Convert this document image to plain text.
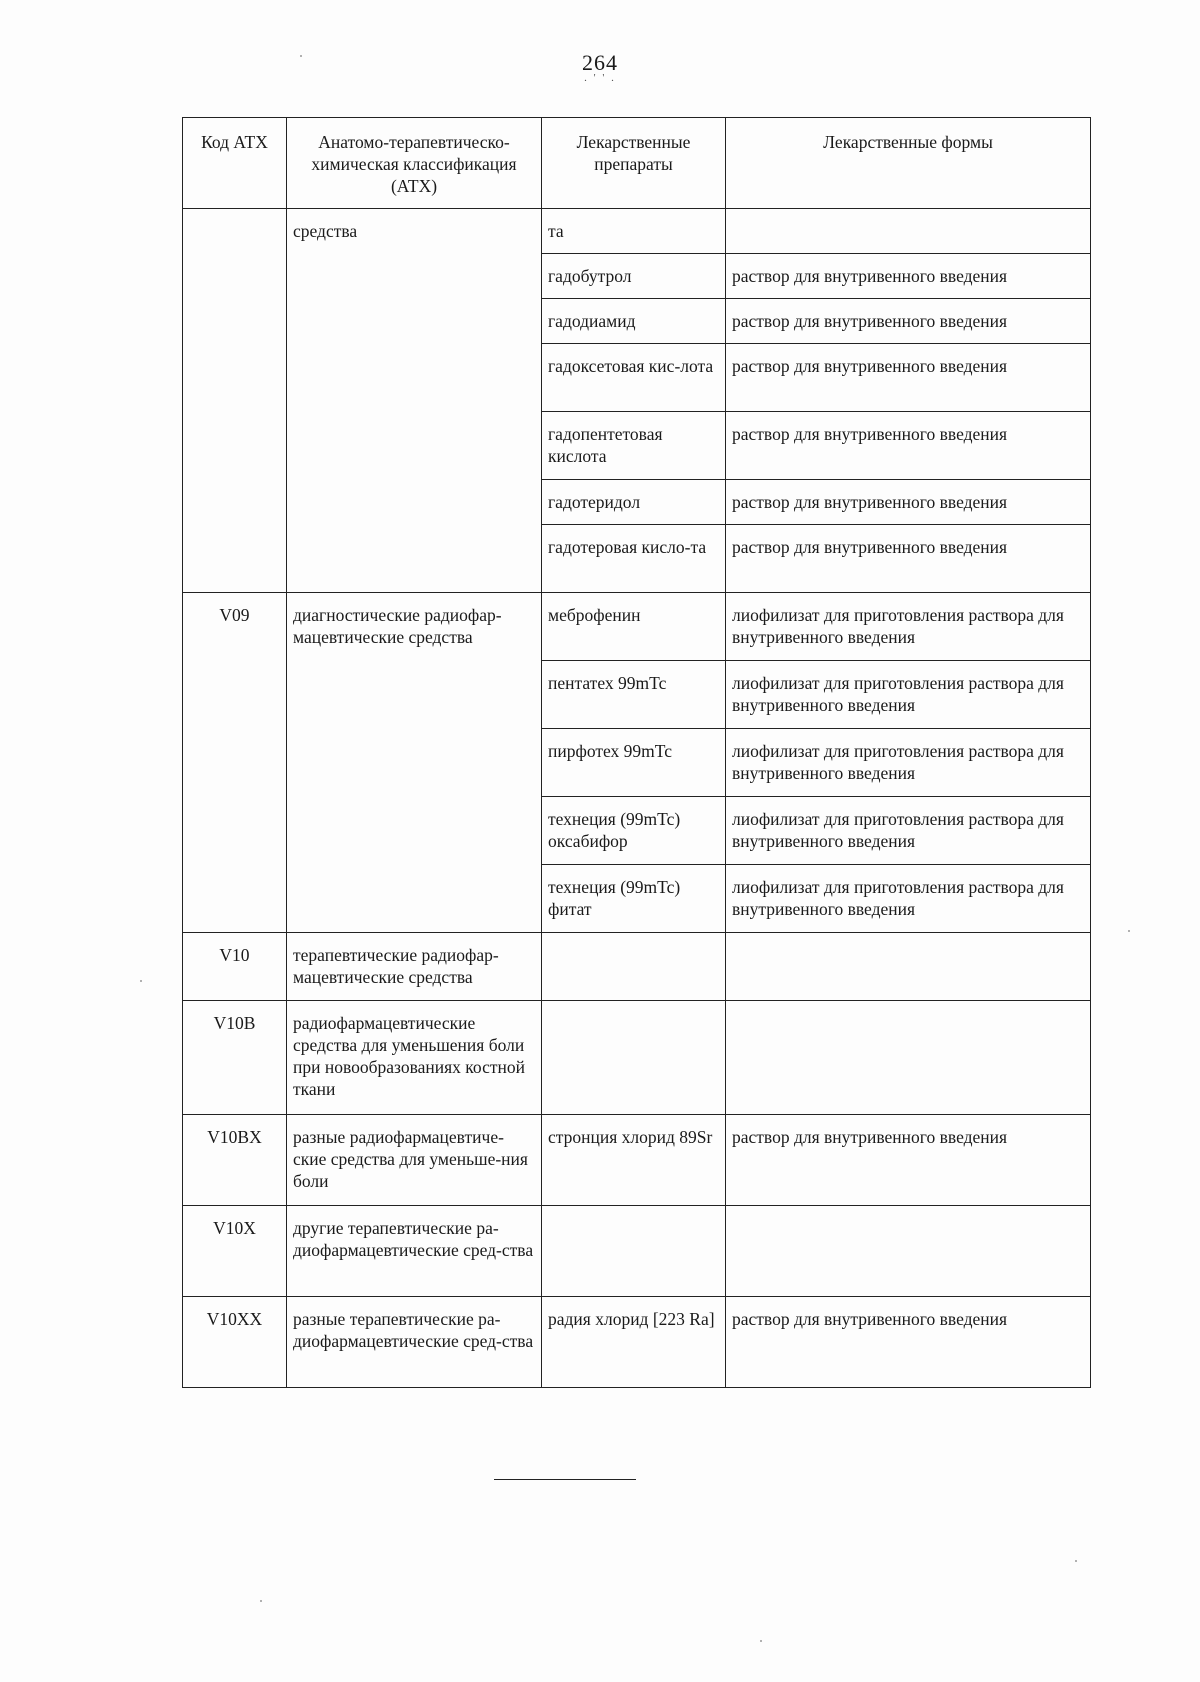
264
. ' ' .
Код АТХ	Анатомо-терапевтическо-химическая классификация (АТХ)	Лекарственные препараты	Лекарственные формы
	средства	та	
		гадобутрол	раствор для внутривенного введения
		гадодиамид	раствор для внутривенного введения
		гадоксетовая кис-лота	раствор для внутривенного введения
		гадопентетовая кислота	раствор для внутривенного введения
		гадотеридол	раствор для внутривенного введения
		гадотеровая кисло-та	раствор для внутривенного введения
V09	диагностические радиофар-мацевтические средства	меброфенин	лиофилизат для приготовления раствора для внутривенного введения
		пентатех 99mTc	лиофилизат для приготовления раствора для внутривенного введения
		пирфотех 99mTc	лиофилизат для приготовления раствора для внутривенного введения
		технеция (99mTc) оксабифор	лиофилизат для приготовления раствора для внутривенного введения
		технеция (99mTc) фитат	лиофилизат для приготовления раствора для внутривенного введения
V10	терапевтические радиофар-мацевтические средства		
V10B	радиофармацевтические средства для уменьшения боли при новообразованиях костной ткани		
V10BX	разные радиофармацевтиче-ские средства для уменьше-ния боли	стронция хлорид 89Sr	раствор для внутривенного введения
V10X	другие терапевтические ра-диофармацевтические сред-ства		
V10XX	разные терапевтические ра-диофармацевтические сред-ства	радия хлорид [223 Ra]	раствор для внутривенного введения
